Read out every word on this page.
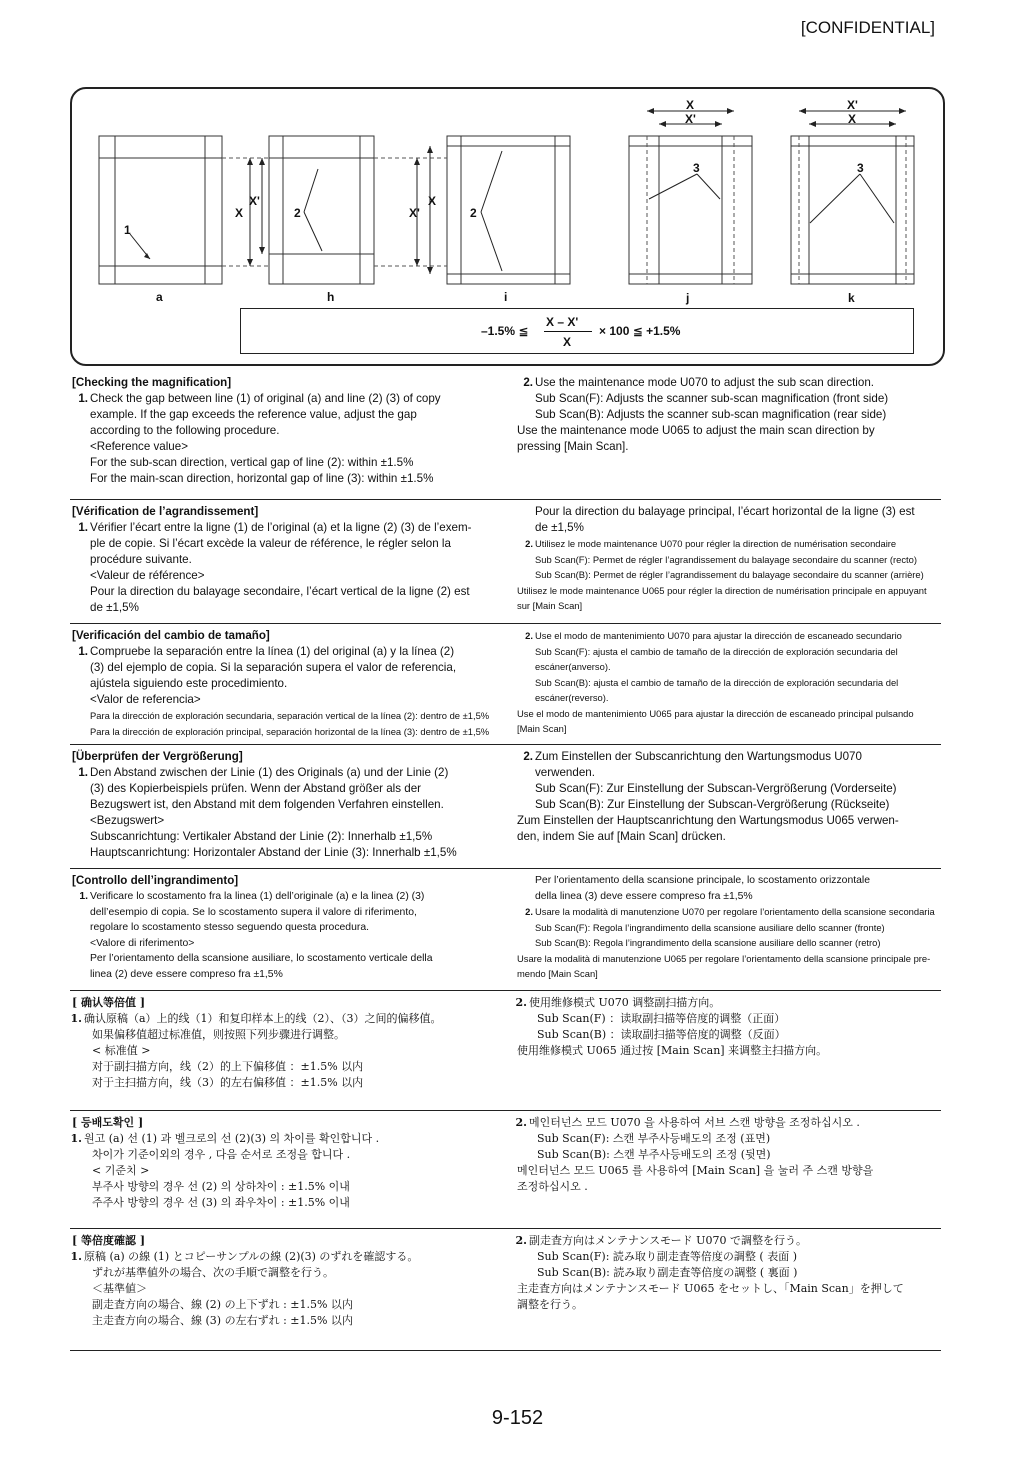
[CONFIDENTIAL]
a	h	i	j	k
X
X'
X'
X
X
X'
X'
X
1
2	2
3	3
–1.5% ≦
X – X'
X
× 100 ≦ +1.5%
[Checking the magnification]
1. Check the gap between line (1) of original (a) and line (2) (3) of copy
example. If the gap exceeds the reference value, adjust the gap
according to the following procedure.
<Reference value>
For the sub-scan direction, vertical gap of line (2): within ±1.5%
For the main-scan direction, horizontal gap of line (3): within ±1.5%
2. Use the maintenance mode U070 to adjust the sub scan direction.
Sub Scan(F): Adjusts the scanner sub-scan magnification (front side)
Sub Scan(B): Adjusts the scanner sub-scan magnification (rear side)
Use the maintenance mode U065 to adjust the main scan direction by
pressing [Main Scan].
[Vérification de l’agrandissement]
1. Vérifier l’écart entre la ligne (1) de l’original (a) et la ligne (2) (3) de l’exem-
ple de copie. Si l’écart excède la valeur de référence, le régler selon la
procédure suivante.
<Valeur de référence>
Pour la direction du balayage secondaire, l’écart vertical de la ligne (2) est
de ±1,5%
Pour la direction du balayage principal, l’écart horizontal de la ligne (3) est
de ±1,5%
2. Utilisez le mode maintenance U070 pour régler la direction de numérisation secondaire
Sub Scan(F): Permet de régler l’agrandissement du balayage secondaire du scanner (recto)
Sub Scan(B): Permet de régler l’agrandissement du balayage secondaire du scanner (arrière)
Utilisez le mode maintenance U065 pour régler la direction de numérisation principale en appuyant
sur [Main Scan]
[Verificación del cambio de tamaño]
1. Compruebe la separación entre la línea (1) del original (a) y la línea (2)
(3) del ejemplo de copia. Si la separación supera el valor de referencia,
ajústela siguiendo este procedimiento.
<Valor de referencia>
Para la dirección de exploración secundaria, separación vertical de la línea (2): dentro de ±1,5%
Para la dirección de exploración principal, separación horizontal de la línea (3): dentro de ±1,5%
2. Use el modo de mantenimiento U070 para ajustar la dirección de escaneado secundario
Sub Scan(F): ajusta el cambio de tamaño de la dirección de exploración secundaria del
escáner(anverso).
Sub Scan(B): ajusta el cambio de tamaño de la dirección de exploración secundaria del
escáner(reverso).
Use el modo de mantenimiento U065 para ajustar la dirección de escaneado principal pulsando
[Main Scan]
[Überprüfen der Vergrößerung]
1. Den Abstand zwischen der Linie (1) des Originals (a) und der Linie (2)
(3) des Kopierbeispiels prüfen. Wenn der Abstand größer als der
Bezugswert ist, den Abstand mit dem folgenden Verfahren einstellen.
<Bezugswert>
Subscanrichtung: Vertikaler Abstand der Linie (2): Innerhalb ±1,5%
Hauptscanrichtung: Horizontaler Abstand der Linie (3): Innerhalb ±1,5%
2. Zum Einstellen der Subscanrichtung den Wartungsmodus U070
verwenden.
Sub Scan(F): Zur Einstellung der Subscan-Vergrößerung (Vorderseite)
Sub Scan(B): Zur Einstellung der Subscan-Vergrößerung (Rückseite)
Zum Einstellen der Hauptscanrichtung den Wartungsmodus U065 verwen-
den, indem Sie auf [Main Scan] drücken.
[Controllo dell’ingrandimento]
1. Verificare lo scostamento fra la linea (1) dell’originale (a) e la linea (2) (3)
dell’esempio di copia. Se lo scostamento supera il valore di riferimento,
regolare lo scostamento stesso seguendo questa procedura.
<Valore di riferimento>
Per l’orientamento della scansione ausiliare, lo scostamento verticale della
linea (2) deve essere compreso fra ±1,5%
Per l’orientamento della scansione principale, lo scostamento orizzontale
della linea (3) deve essere compreso fra ±1,5%
2. Usare la modalità di manutenzione U070 per regolare l’orientamento della scansione secondaria
Sub Scan(F): Regola l’ingrandimento della scansione ausiliare dello scanner (fronte)
Sub Scan(B): Regola l’ingrandimento della scansione ausiliare dello scanner (retro)
Usare la modalità di manutenzione U065 per regolare l’orientamento della scansione principale pre-
mendo [Main Scan]
[ 确认等倍值 ]
1. 确认原稿（a）上的线（1）和复印样本上的线（2）、（3）之间的偏移值。
如果偏移值超过标准值，则按照下列步骤进行调整。
< 标准值 >
对于副扫描方向，线（2）的上下偏移值 ：±1.5% 以内
对于主扫描方向，线（3）的左右偏移值 ：±1.5% 以内
2. 使用维修模式 U070 调整副扫描方向。
Sub Scan(F) ：读取副扫描等倍度的调整（正面）
Sub Scan(B) ：读取副扫描等倍度的调整（反面）
使用维修模式 U065 通过按 [Main Scan] 来调整主扫描方向。
[ 등배도확인 ]
1. 원고 (a) 선 (1) 과 벨크로의 선 (2)(3) 의 차이를 확인합니다 .
차이가 기준이외의 경우 , 다음 순서로 조정을 합니다 .
< 기준치 >
부주사 방향의 경우 선 (2) 의 상하차이 : ±1.5% 이내
주주사 방향의 경우 선 (3) 의 좌우차이 : ±1.5% 이내
2. 메인터넌스 모드 U070 을 사용하여 서브 스캔 방향을 조정하십시오 .
Sub Scan(F): 스캔 부주사등배도의 조정 (표면)
Sub Scan(B): 스캔 부주사등배도의 조정 (뒷면)
메인터넌스 모드 U065 를 사용하여 [Main Scan] 을 눌러 주 스캔 방향을
조정하십시오 .
[ 等倍度確認 ]
1. 原稿 (a) の線 (1) とコピーサンプルの線 (2)(3) のずれを確認する。
ずれが基準値外の場合、次の手順で調整を行う。
＜基準値＞
副走査方向の場合、線 (2) の上下ずれ : ±1.5% 以内
主走査方向の場合、線 (3) の左右ずれ : ±1.5% 以内
2. 副走査方向はメンテナンスモード U070 で調整を行う。
Sub Scan(F): 読み取り副走査等倍度の調整 ( 表面 )
Sub Scan(B): 読み取り副走査等倍度の調整 ( 裏面 )
主走査方向はメンテナンスモード U065 をセットし、「Main Scan」を押して
調整を行う。
9-152
